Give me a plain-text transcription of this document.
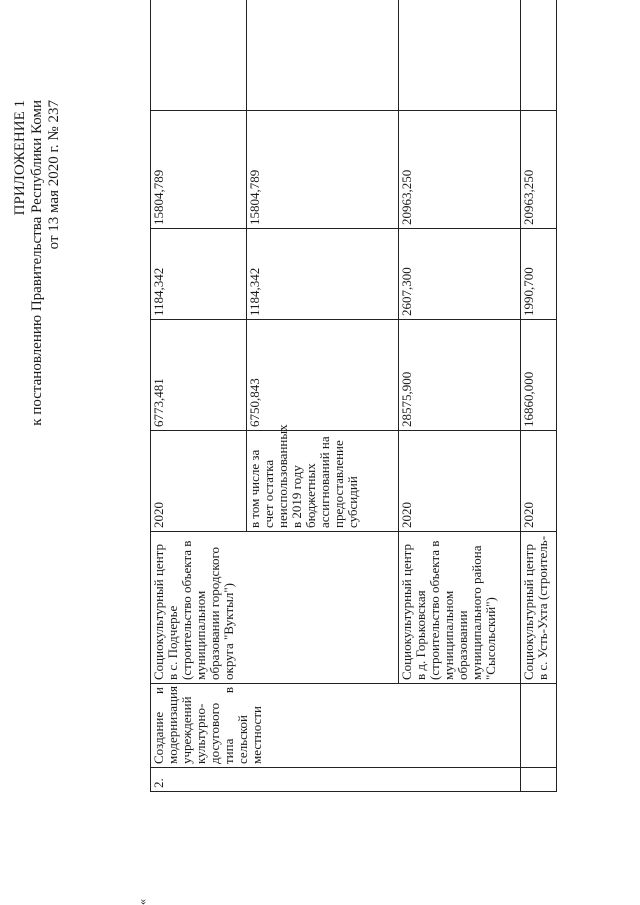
ПРИЛОЖЕНИЕ 1 к постановлению Правительства Республики Коми от 13 мая 2020 г. № 237
«
2.	Создание и модернизация учреждений культурно-досугового типа в сельской местности	Социокультурный центр в с. Подчерье (строительство объекта в муниципальном образовании городского округа "Вуктыл")	2020	6773,481	1184,342	15804,789	
			в том числе за счет остатка неиспользованных в 2019 году бюджетных ассигнований на предоставление субсидий	6750,843	1184,342	15804,789	
		Социокультурный центр в д. Горьковская (строительство объекта в муниципальном образовании муниципального района "Сысольский")	2020	28575,900	2607,300	20963,250	
		Социокультурный центр в с. Усть-Ухта (строитель-	2020	16860,000	1990,700	20963,250	
